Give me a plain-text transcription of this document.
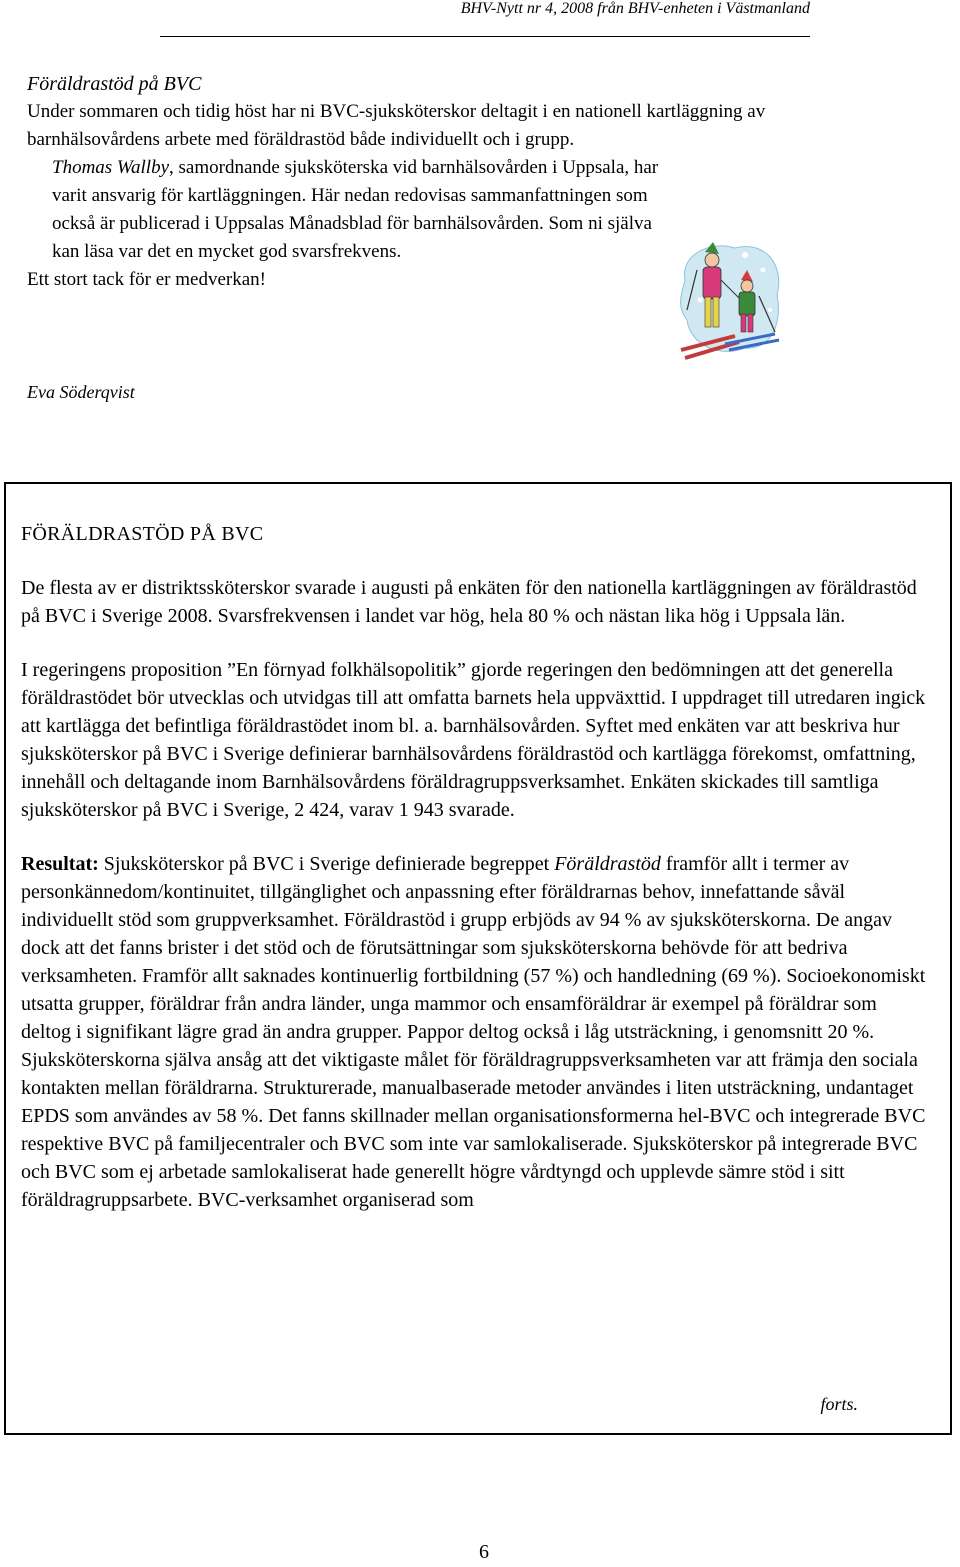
BHV-Nytt nr 4, 2008 från BHV-enheten i Västmanland

Föräldrastöd på BVC

Under sommaren och tidig höst har ni BVC-sjuksköterskor deltagit i en nationell kartläggning av barnhälsovårdens arbete med föräldrastöd både individuellt och i grupp.

Thomas Wallby, samordnande sjuksköterska vid barnhälsovården i Uppsala, har varit ansvarig för kartläggningen. Här nedan redovisas sammanfattningen som också är publicerad i Uppsalas Månadsblad för barnhälsovården. Som ni själva kan läsa var det en mycket god svarsfrekvens.

Ett stort tack för er medverkan!

Eva Söderqvist

FÖRÄLDRASTÖD PÅ BVC

De flesta av er distriktssköterskor svarade i augusti på enkäten för den nationella kartläggningen av föräldrastöd på BVC i Sverige 2008. Svarsfrekvensen i landet var hög, hela 80 % och nästan lika hög i Uppsala län.

I regeringens proposition ”En förnyad folkhälsopolitik” gjorde regeringen den bedömningen att det generella föräldrastödet bör utvecklas och utvidgas till att omfatta barnets hela uppväxttid. I uppdraget till utredaren ingick att kartlägga det befintliga föräldrastödet inom bl. a. barnhälsovården. Syftet med enkäten var att beskriva hur sjuksköterskor på BVC i Sverige definierar barnhälsovårdens föräldrastöd och kartlägga förekomst, omfattning, innehåll och deltagande inom Barnhälsovårdens föräldragruppsverksamhet. Enkäten skickades till samtliga sjuksköterskor på BVC i Sverige, 2 424, varav 1 943 svarade.

Resultat: Sjuksköterskor på BVC i Sverige definierade begreppet Föräldrastöd framför allt i termer av personkännedom/kontinuitet, tillgänglighet och anpassning efter föräldrarnas behov, innefattande såväl individuellt stöd som gruppverksamhet. Föräldrastöd i grupp erbjöds av 94 % av sjuksköterskorna. De angav dock att det fanns brister i det stöd och de förutsättningar som sjuksköterskorna behövde för att bedriva verksamheten. Framför allt saknades kontinuerlig fortbildning (57 %) och handledning (69 %). Socioekonomiskt utsatta grupper, föräldrar från andra länder, unga mammor och ensamföräldrar är exempel på föräldrar som deltog i signifikant lägre grad än andra grupper. Pappor deltog också i låg utsträckning, i genomsnitt 20 %. Sjuksköterskorna själva ansåg att det viktigaste målet för föräldragruppsverksamheten var att främja den sociala kontakten mellan föräldrarna. Strukturerade, manualbaserade metoder användes i liten utsträckning, undantaget EPDS som användes av 58 %. Det fanns skillnader mellan organisationsformerna hel-BVC och integrerade BVC respektive BVC på familjecentraler och BVC som inte var samlokaliserade. Sjuksköterskor på integrerade BVC och BVC som ej arbetade samlokaliserat hade generellt högre vårdtyngd och upplevde sämre stöd i sitt föräldragruppsarbete. BVC-verksamhet organiserad som

forts.
6
